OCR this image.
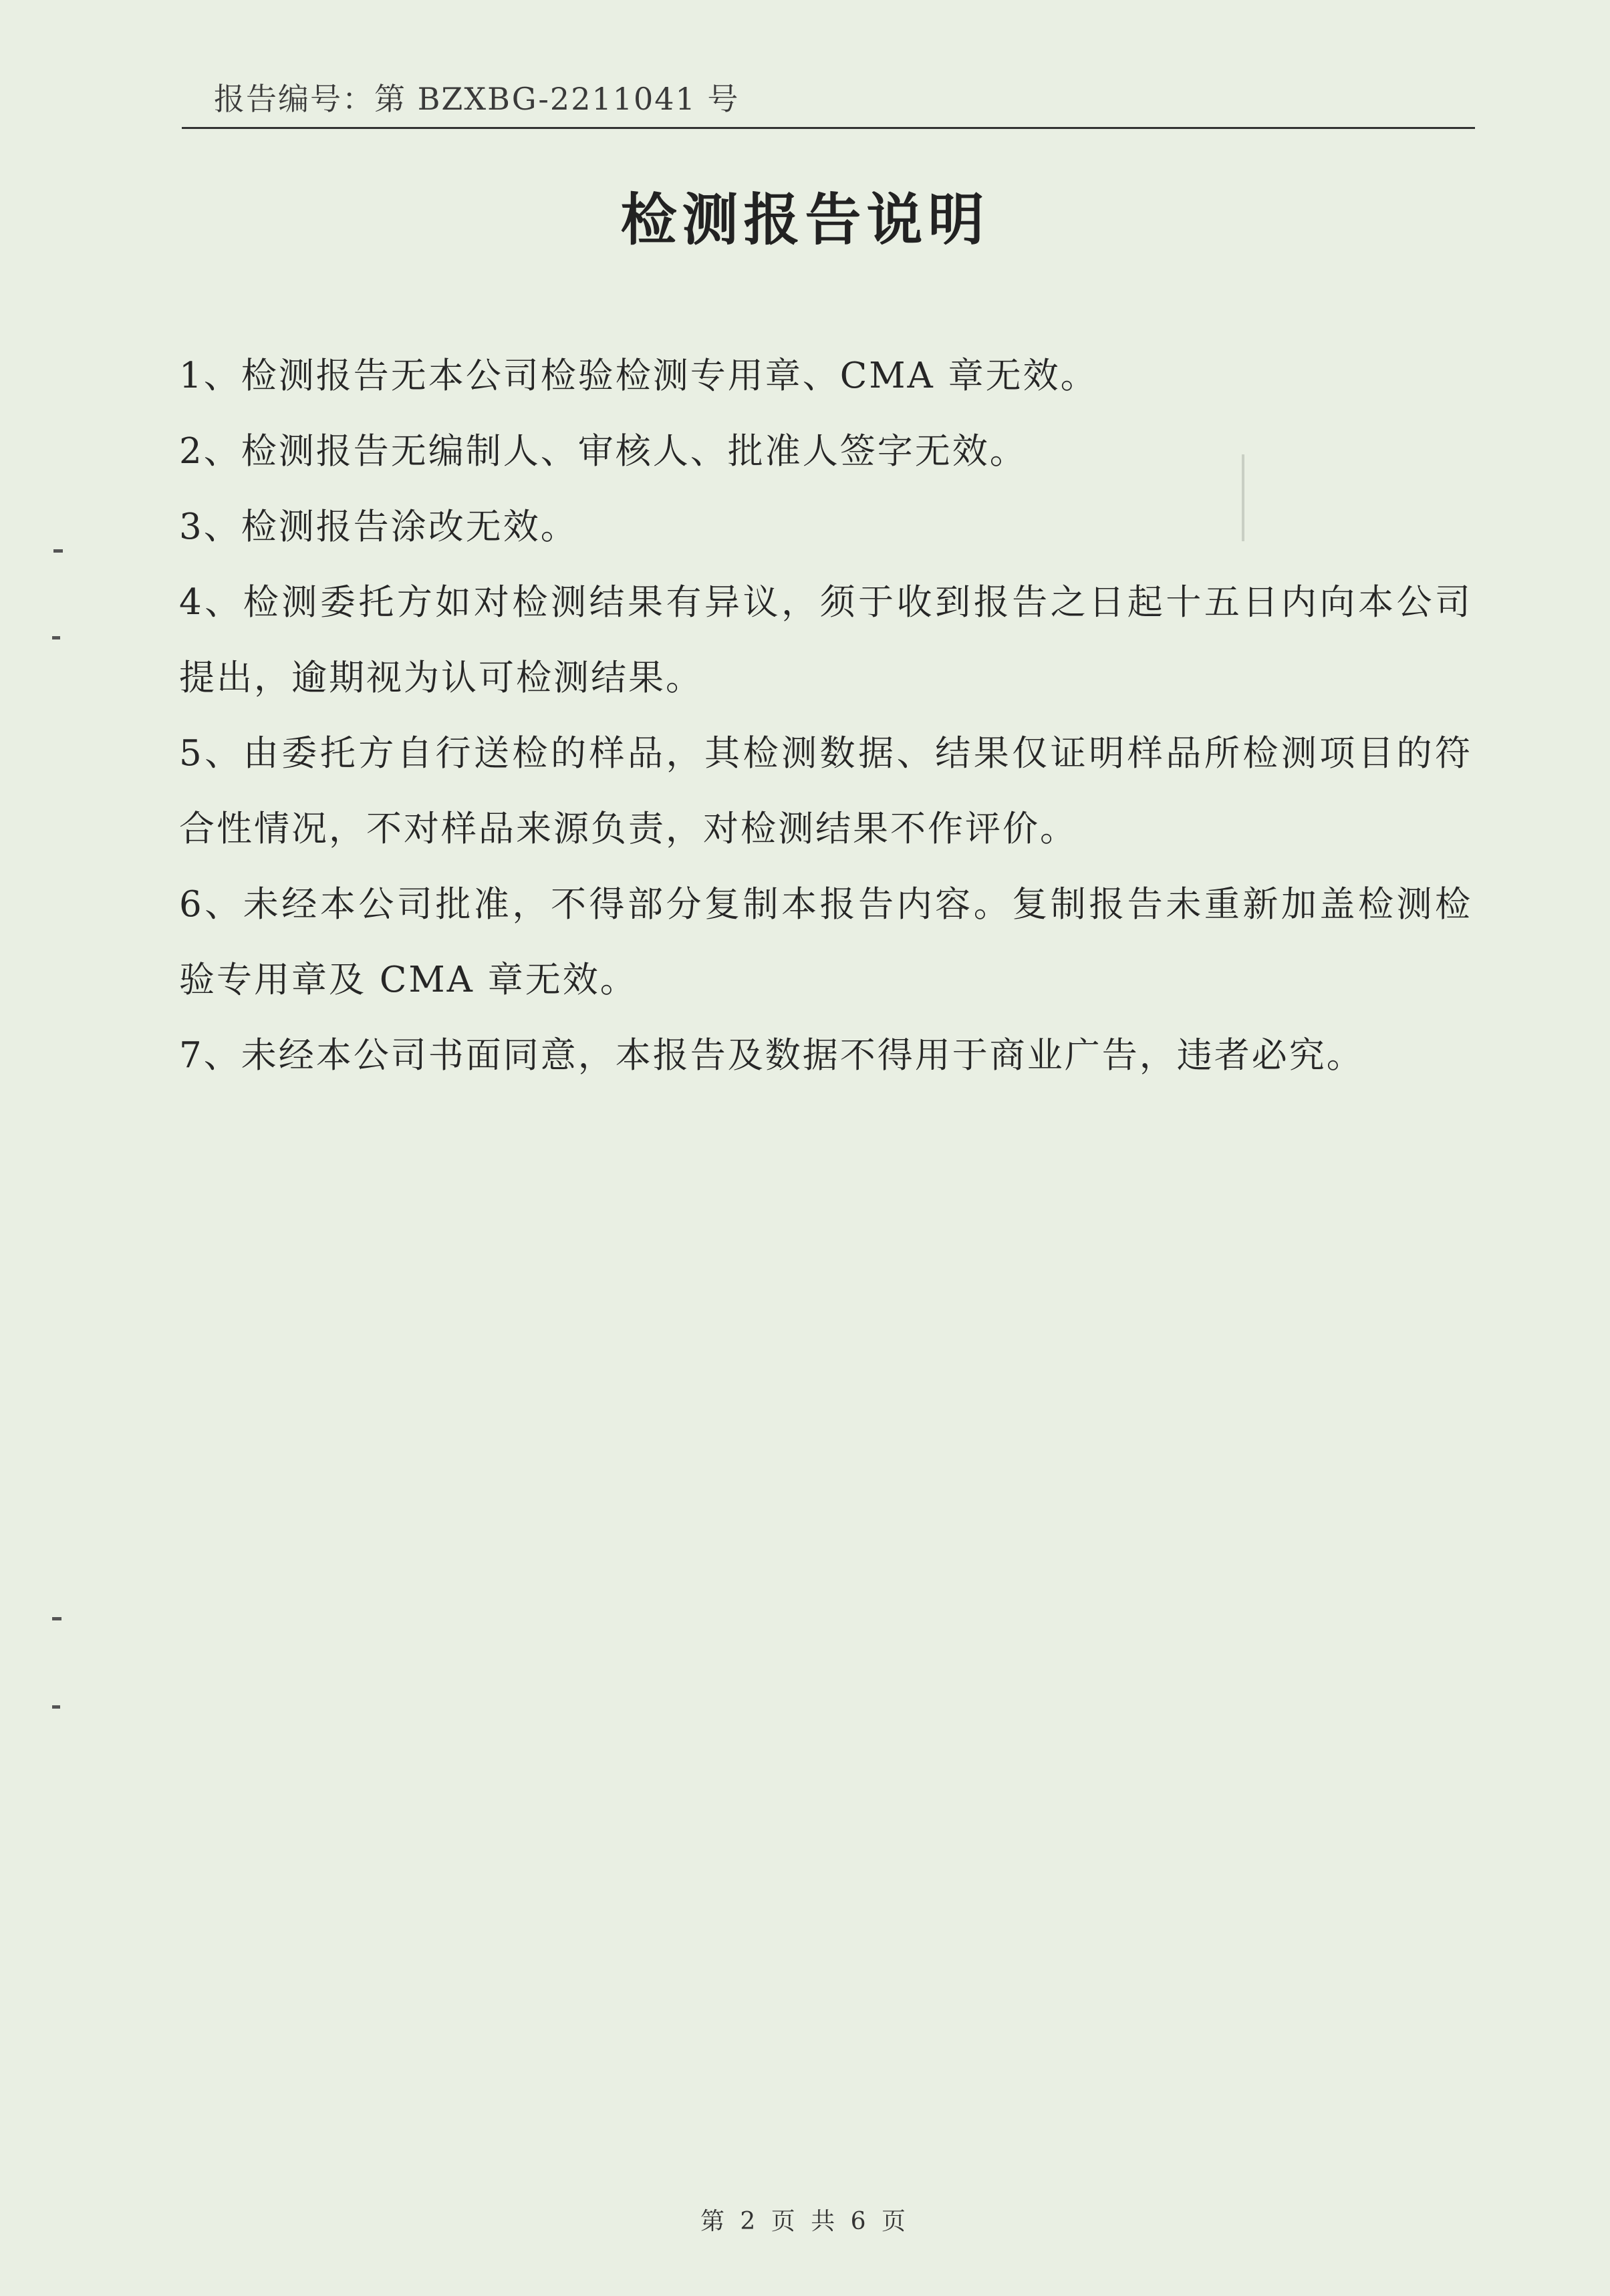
报告编号：第 BZXBG-2211041 号
检测报告说明

1、检测报告无本公司检验检测专用章、CMA 章无效。

2、检测报告无编制人、审核人、批准人签字无效。

3、检测报告涂改无效。

4、检测委托方如对检测结果有异议，须于收到报告之日起十五日内向本公司提出，逾期视为认可检测结果。

5、由委托方自行送检的样品，其检测数据、结果仅证明样品所检测项目的符合性情况，不对样品来源负责，对检测结果不作评价。

6、未经本公司批准，不得部分复制本报告内容。复制报告未重新加盖检测检验专用章及 CMA 章无效。

7、未经本公司书面同意，本报告及数据不得用于商业广告，违者必究。

第 2 页 共 6 页
